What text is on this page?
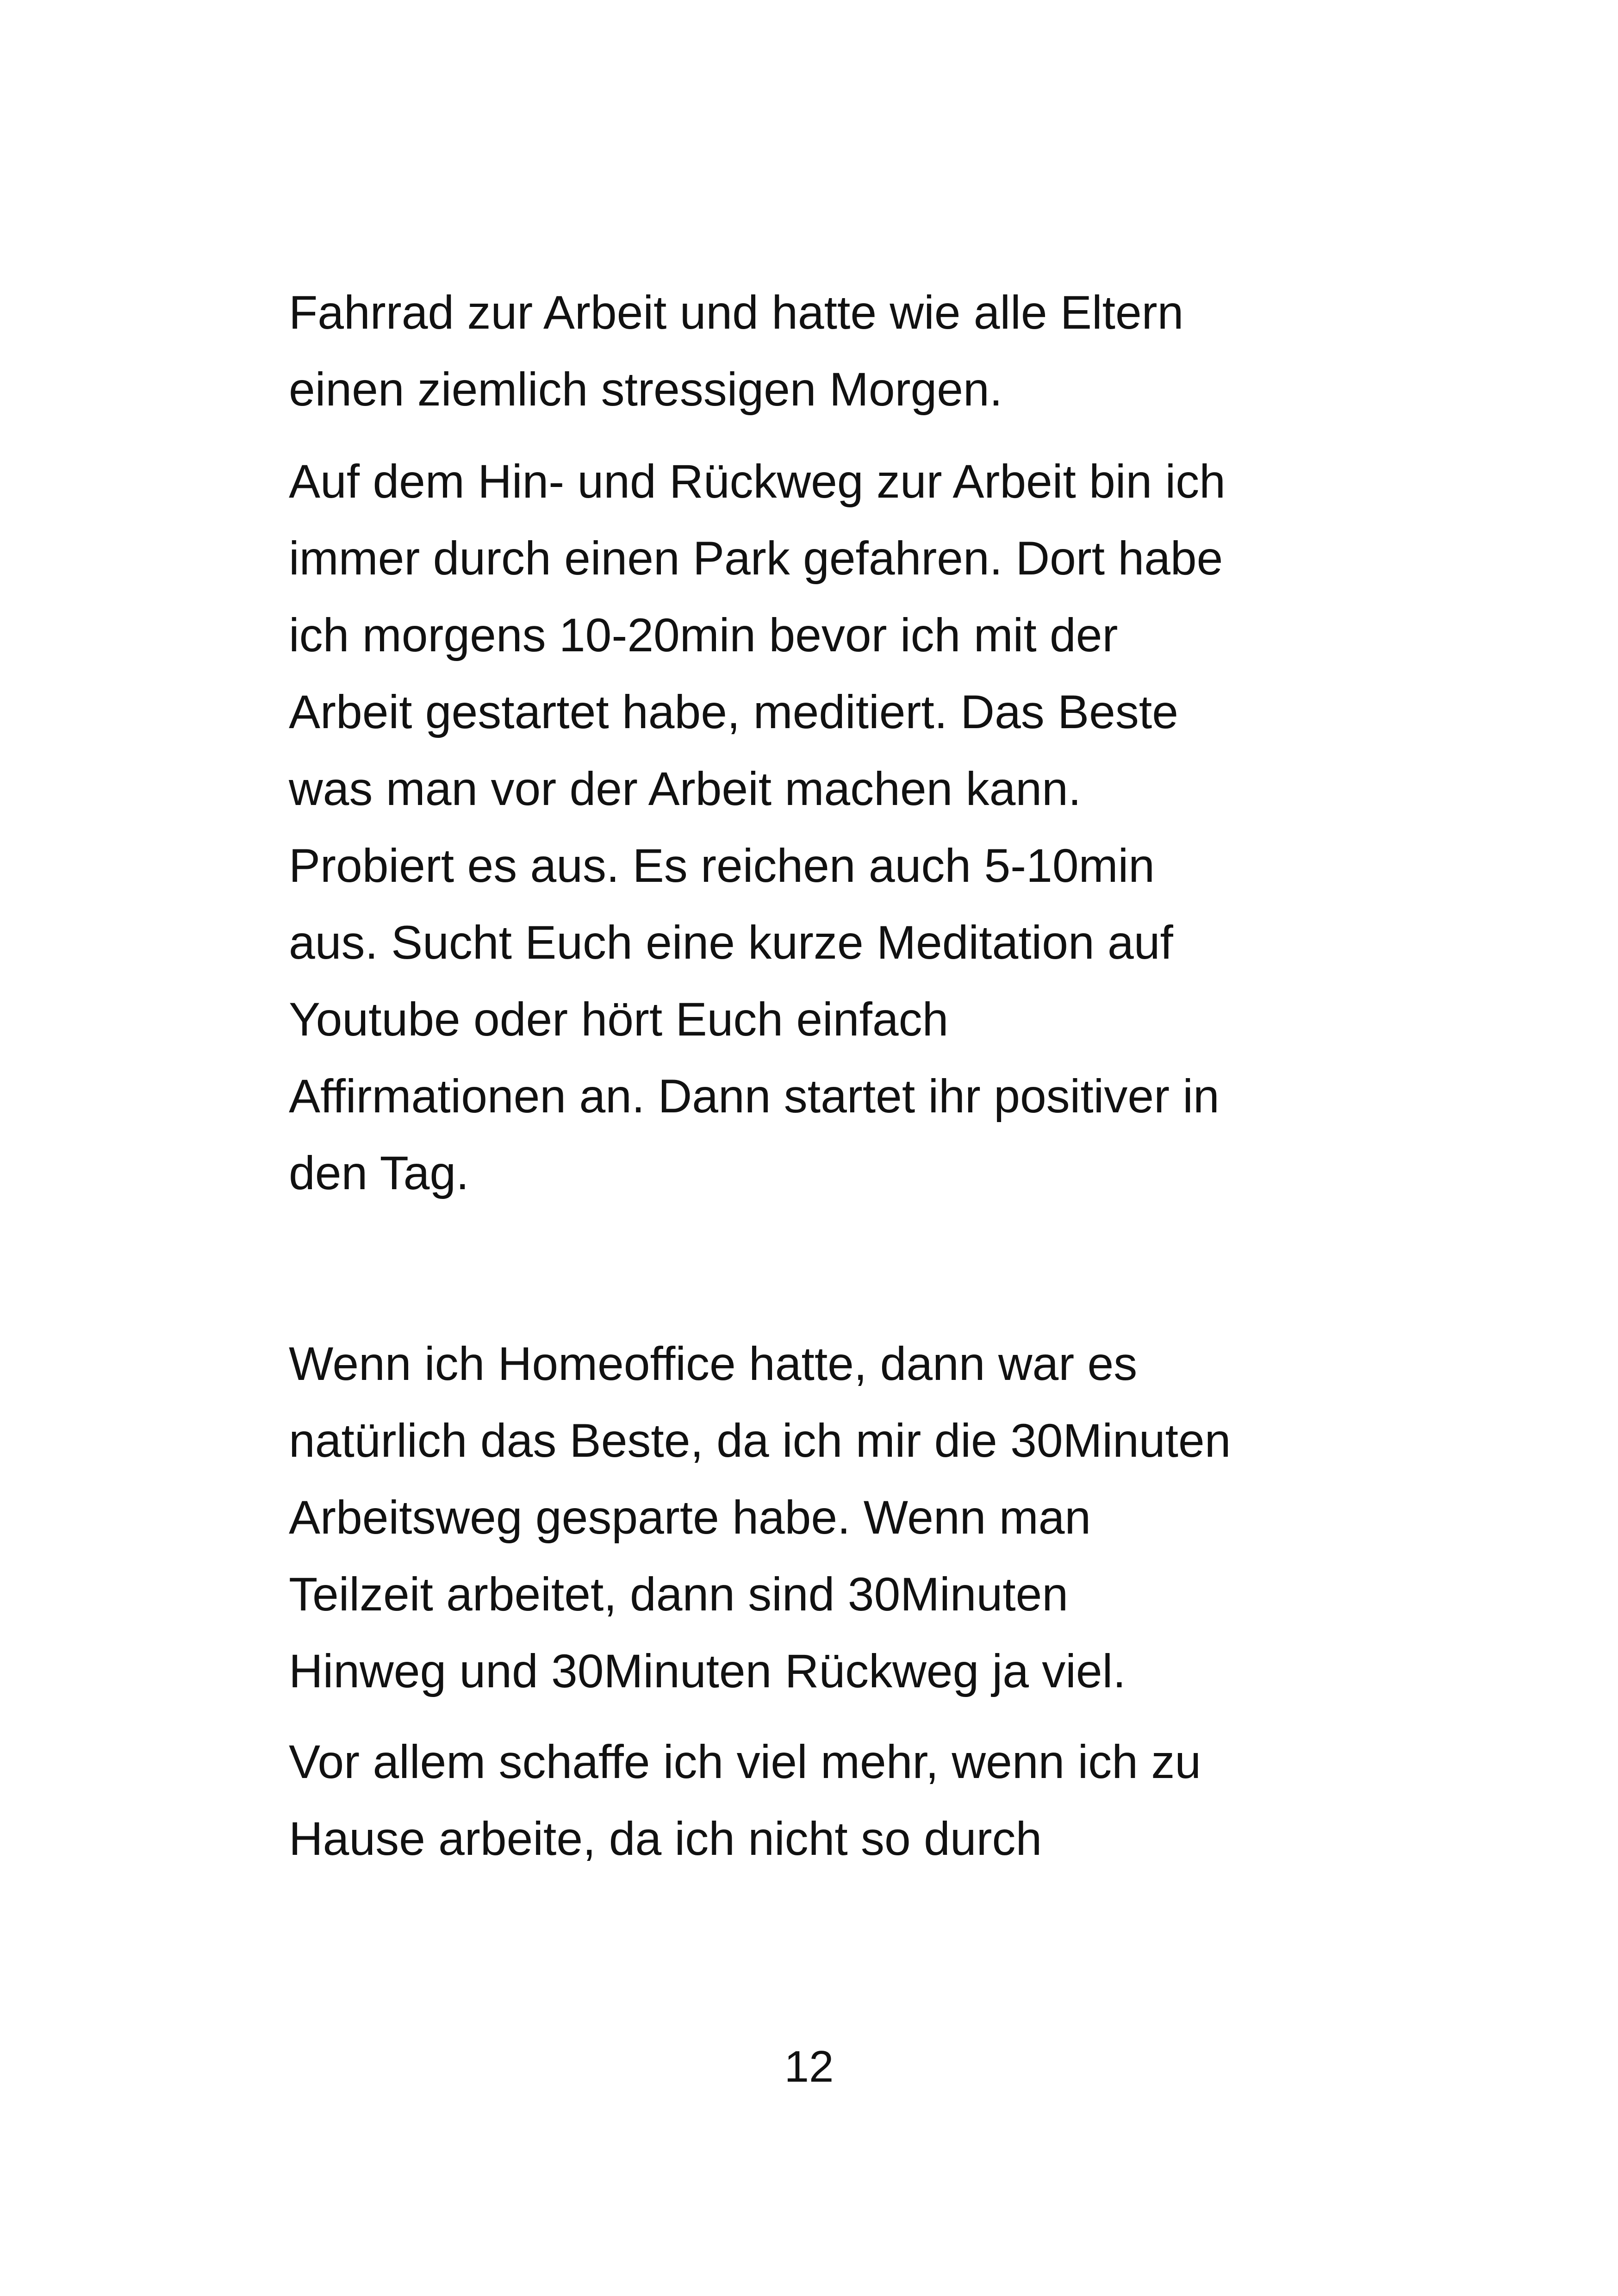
Fahrrad zur Arbeit und hatte wie alle Eltern
einen ziemlich stressigen Morgen.

Auf dem Hin- und Rückweg zur Arbeit bin ich
immer durch einen Park gefahren. Dort habe
ich morgens 10-20min bevor ich mit der
Arbeit gestartet habe, meditiert. Das Beste
was man vor der Arbeit machen kann.
Probiert es aus. Es reichen auch 5-10min
aus. Sucht Euch eine kurze Meditation auf
Youtube oder hört Euch einfach
Affirmationen an. Dann startet ihr positiver in
den Tag.

Wenn ich Homeoffice hatte, dann war es
natürlich das Beste, da ich mir die 30Minuten
Arbeitsweg gesparte habe. Wenn man
Teilzeit arbeitet, dann sind 30Minuten
Hinweg und 30Minuten Rückweg ja viel.

Vor allem schaffe ich viel mehr, wenn ich zu
Hause arbeite, da ich nicht so durch

12
